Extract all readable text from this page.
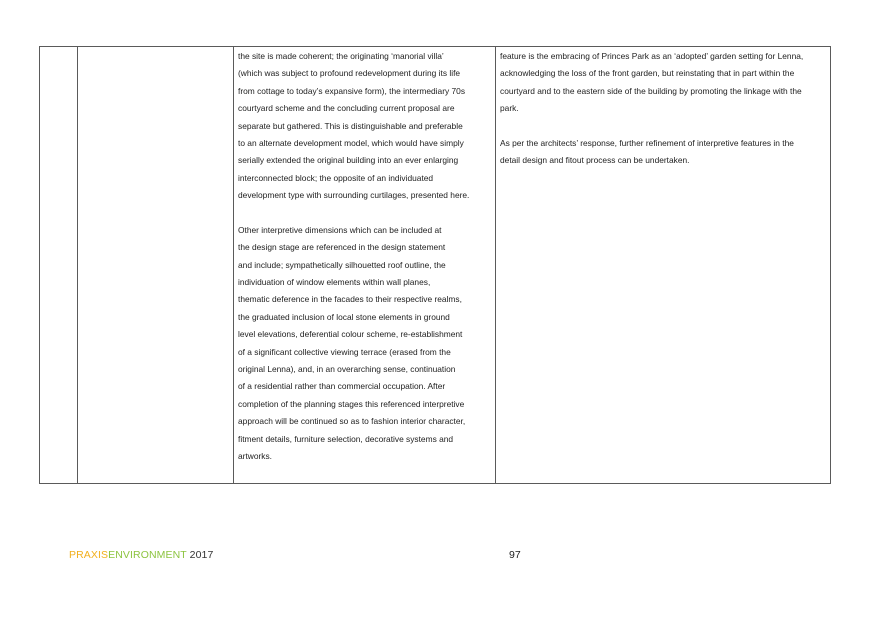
the site is made coherent; the originating ‘manorial villa’
(which was subject to profound redevelopment during its life
from cottage to today’s expansive form), the intermediary 70s
courtyard scheme and the concluding current proposal are
separate but gathered. This is distinguishable and preferable
to an alternate development model, which would have simply
serially extended the original building into an ever enlarging
interconnected block; the opposite of an individuated
development type with surrounding curtilages, presented here.
Other interpretive dimensions which can be included at
the design stage are referenced in the design statement
and include; sympathetically silhouetted roof outline, the
individuation of window elements within wall planes,
thematic deference in the facades to their respective realms,
the graduated inclusion of local stone elements in ground
level elevations, deferential colour scheme, re-establishment
of a significant collective viewing terrace (erased from the
original Lenna), and, in an overarching sense, continuation
of a residential rather than commercial occupation. After
completion of the planning stages this referenced interpretive
approach will be continued so as to fashion interior character,
fitment details, furniture selection, decorative systems and
artworks.
feature is the embracing of Princes Park as an ‘adopted’ garden setting for Lenna,
acknowledging the loss of the front garden, but reinstating that in part within the
courtyard and to the eastern side of the building by promoting the linkage with the
park.
As per the architects’ response, further refinement of interpretive features in the
detail design and fitout process can be undertaken.
PRAXISENVIRONMENT 2017	97
